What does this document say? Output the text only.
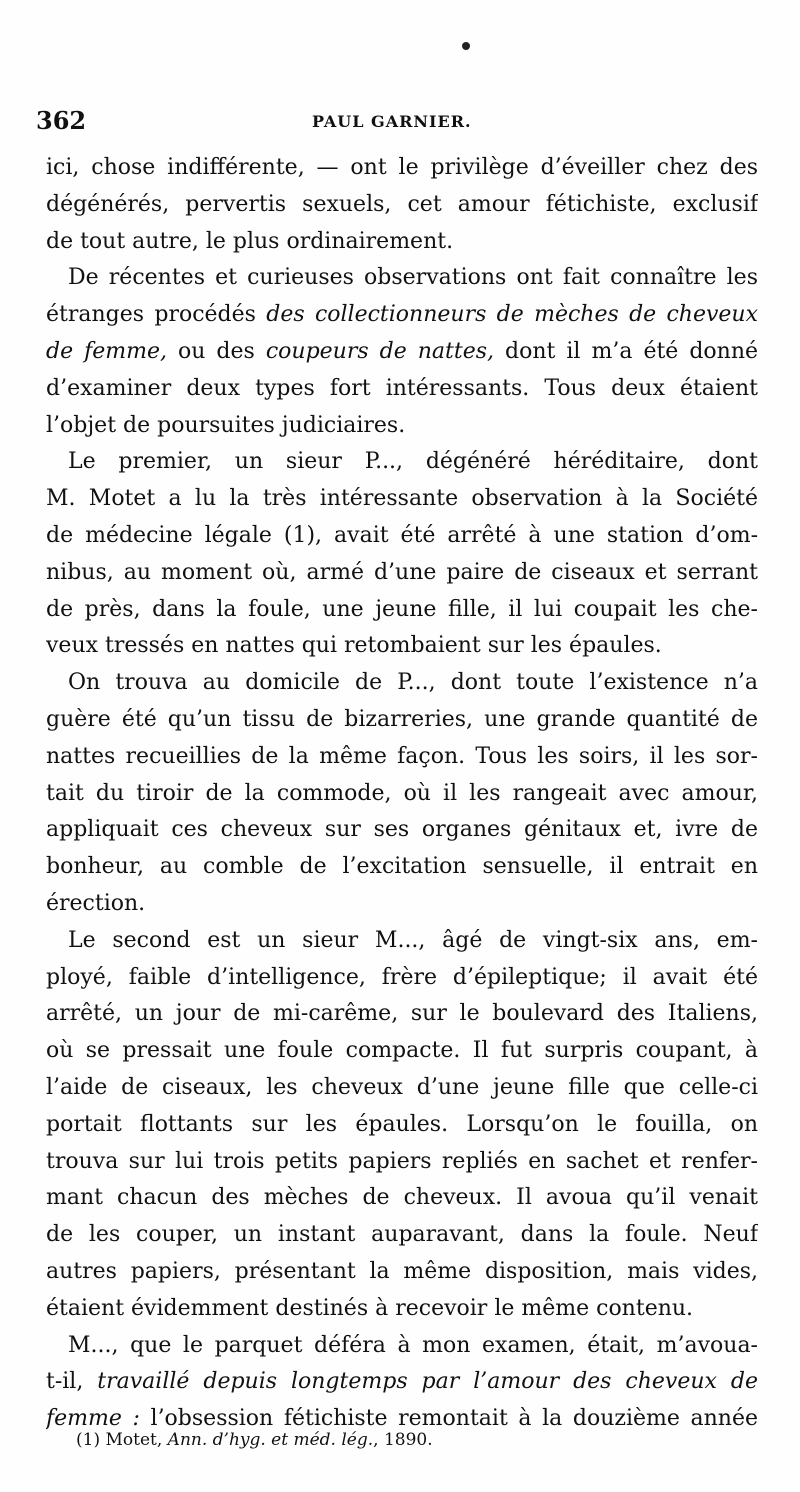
362	PAUL GARNIER.
ici, chose indifférente, — ont le privilège d’éveiller chez des
dégénérés, pervertis sexuels, cet amour fétichiste, exclusif
de tout autre, le plus ordinairement.
De récentes et curieuses observations ont fait connaître les
étranges procédés des collectionneurs de mèches de cheveux
de femme, ou des coupeurs de nattes, dont il m’a été donné
d’examiner deux types fort intéressants. Tous deux étaient
l’objet de poursuites judiciaires.
Le premier, un sieur P..., dégénéré héréditaire, dont
M. Motet a lu la très intéressante observation à la Société
de médecine légale (1), avait été arrêté à une station d’om-
nibus, au moment où, armé d’une paire de ciseaux et serrant
de près, dans la foule, une jeune fille, il lui coupait les che-
veux tressés en nattes qui retombaient sur les épaules.
On trouva au domicile de P..., dont toute l’existence n’a
guère été qu’un tissu de bizarreries, une grande quantité de
nattes recueillies de la même façon. Tous les soirs, il les sor-
tait du tiroir de la commode, où il les rangeait avec amour,
appliquait ces cheveux sur ses organes génitaux et, ivre de
bonheur, au comble de l’excitation sensuelle, il entrait en
érection.
Le second est un sieur M..., âgé de vingt-six ans, em-
ployé, faible d’intelligence, frère d’épileptique; il avait été
arrêté, un jour de mi-carême, sur le boulevard des Italiens,
où se pressait une foule compacte. Il fut surpris coupant, à
l’aide de ciseaux, les cheveux d’une jeune fille que celle-ci
portait flottants sur les épaules. Lorsqu’on le fouilla, on
trouva sur lui trois petits papiers repliés en sachet et renfer-
mant chacun des mèches de cheveux. Il avoua qu’il venait
de les couper, un instant auparavant, dans la foule. Neuf
autres papiers, présentant la même disposition, mais vides,
étaient évidemment destinés à recevoir le même contenu.
M..., que le parquet déféra à mon examen, était, m’avoua-
t-il, travaillé depuis longtemps par l’amour des cheveux de
femme : l’obsession fétichiste remontait à la douzième année
(1) Motet, Ann. d’hyg. et méd. lég., 1890.
